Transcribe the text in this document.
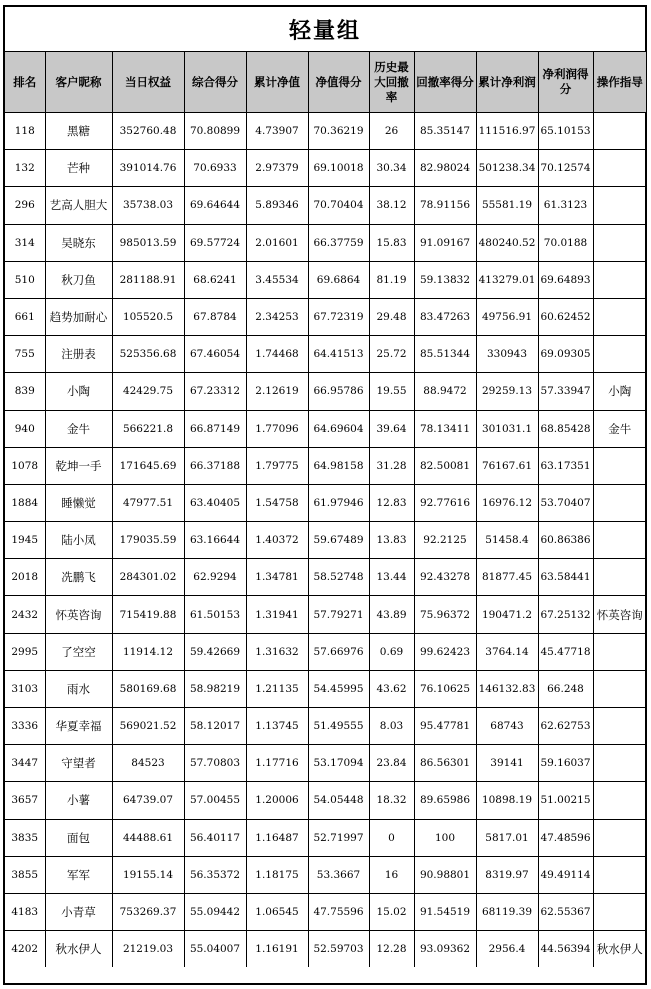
轻量组
排名	客户昵称	当日权益	综合得分	累计净值	净值得分	历史最大回撤率	回撤率得分	累计净利润	净利润得分	操作指导
118	黑糖	352760.48	70.80899	4.73907	70.36219	26	85.35147	111516.97	65.10153	
132	芒种	391014.76	70.6933	2.97379	69.10018	30.34	82.98024	501238.34	70.12574	
296	艺高人胆大	35738.03	69.64644	5.89346	70.70404	38.12	78.91156	55581.19	61.3123	
314	吴晓东	985013.59	69.57724	2.01601	66.37759	15.83	91.09167	480240.52	70.0188	
510	秋刀鱼	281188.91	68.6241	3.45534	69.6864	81.19	59.13832	413279.01	69.64893	
661	趋势加耐心	105520.5	67.8784	2.34253	67.72319	29.48	83.47263	49756.91	60.62452	
755	注册表	525356.68	67.46054	1.74468	64.41513	25.72	85.51344	330943	69.09305	
839	小陶	42429.75	67.23312	2.12619	66.95786	19.55	88.9472	29259.13	57.33947	小陶
940	金牛	566221.8	66.87149	1.77096	64.69604	39.64	78.13411	301031.1	68.85428	金牛
1078	乾坤一手	171645.69	66.37188	1.79775	64.98158	31.28	82.50081	76167.61	63.17351	
1884	睡懒觉	47977.51	63.40405	1.54758	61.97946	12.83	92.77616	16976.12	53.70407	
1945	陆小凤	179035.59	63.16644	1.40372	59.67489	13.83	92.2125	51458.4	60.86386	
2018	冼鹏飞	284301.02	62.9294	1.34781	58.52748	13.44	92.43278	81877.45	63.58441	
2432	怀英咨询	715419.88	61.50153	1.31941	57.79271	43.89	75.96372	190471.2	67.25132	怀英咨询
2995	了空空	11914.12	59.42669	1.31632	57.66976	0.69	99.62423	3764.14	45.47718	
3103	雨水	580169.68	58.98219	1.21135	54.45995	43.62	76.10625	146132.83	66.248	
3336	华夏幸福	569021.52	58.12017	1.13745	51.49555	8.03	95.47781	68743	62.62753	
3447	守望者	84523	57.70803	1.17716	53.17094	23.84	86.56301	39141	59.16037	
3657	小薯	64739.07	57.00455	1.20006	54.05448	18.32	89.65986	10898.19	51.00215	
3835	面包	44488.61	56.40117	1.16487	52.71997	0	100	5817.01	47.48596	
3855	军军	19155.14	56.35372	1.18175	53.3667	16	90.98801	8319.97	49.49114	
4183	小青草	753269.37	55.09442	1.06545	47.75596	15.02	91.54519	68119.39	62.55367	
4202	秋水伊人	21219.03	55.04007	1.16191	52.59703	12.28	93.09362	2956.4	44.56394	秋水伊人
